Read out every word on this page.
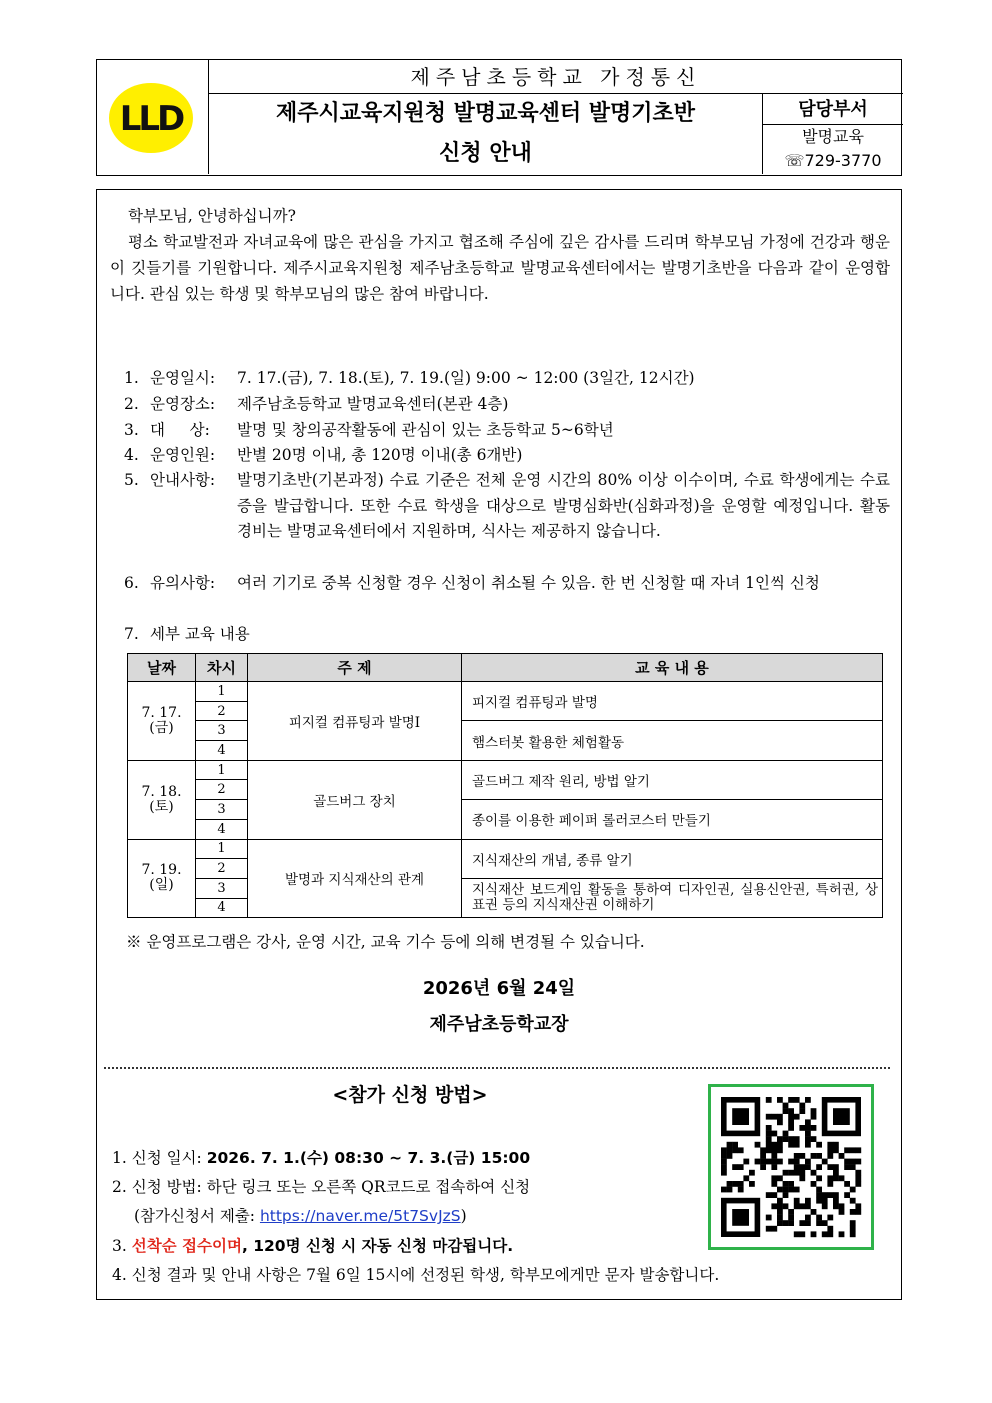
LLD
제주남초등학교 가정통신
제주시교육지원청 발명교육센터 발명기초반
신청 안내
담당부서
발명교육
☏729-3770
학부모님, 안녕하십니까?
평소 학교발전과 자녀교육에 많은 관심을 가지고 협조해 주심에 깊은 감사를 드리며 학부모님 가정에 건강과 행운이 깃들기를 기원합니다. 제주시교육지원청 제주남초등학교 발명교육센터에서는 발명기초반을 다음과 같이 운영합니다. 관심 있는 학생 및 학부모님의 많은 참여 바랍니다.
1. 운영일시: 7. 17.(금), 7. 18.(토), 7. 19.(일) 9:00 ~ 12:00 (3일간, 12시간)
2. 운영장소: 제주남초등학교 발명교육센터(본관 4층)
3. 대     상: 발명 및 창의공작활동에 관심이 있는 초등학교 5~6학년
4. 운영인원: 반별 20명 이내, 총 120명 이내(총 6개반)
5. 안내사항: 발명기초반(기본과정) 수료 기준은 전체 운영 시간의 80% 이상 이수이며, 수료 학생에게는 수료증을 발급합니다. 또한 수료 학생을 대상으로 발명심화반(심화과정)을 운영할 예정입니다. 활동 경비는 발명교육센터에서 지원하며, 식사는 제공하지 않습니다.
6. 유의사항: 여러 기기로 중복 신청할 경우 신청이 취소될 수 있음. 한 번 신청할 때 자녀 1인씩 신청
7. 세부 교육 내용
날짜	차시	주 제	교 육 내 용

7. 17.
(금)	1	피지컬 컴퓨팅과 발명Ⅰ	피지컬 컴퓨팅과 발명
	2		
	3		햄스터봇 활용한 체험활동
	4		

7. 18.
(토)	1	골드버그 장치	골드버그 제작 원리, 방법 알기
	2		
	3		종이를 이용한 페이퍼 롤러코스터 만들기
	4		

7. 19.
(일)	1	발명과 지식재산의 관계	지식재산의 개념, 종류 알기
	2		
	3		지식재산 보드게임 활동을 통하여 디자인권, 실용신안권, 특허권, 상표권 등의 지식재산권 이해하기
	4		
※ 운영프로그램은 강사, 운영 시간, 교육 기수 등에 의해 변경될 수 있습니다.
2026년 6월 24일
제주남초등학교장
<참가 신청 방법>
1. 신청 일시: 2026. 7. 1.(수) 08:30 ~ 7. 3.(금) 15:00
2. 신청 방법: 하단 링크 또는 오른쪽 QR코드로 접속하여 신청
(참가신청서 제출: https://naver.me/5t7SvJzS)
3. 선착순 접수이며, 120명 신청 시 자동 신청 마감됩니다.
4. 신청 결과 및 안내 사항은 7월 6일 15시에 선정된 학생, 학부모에게만 문자 발송합니다.
